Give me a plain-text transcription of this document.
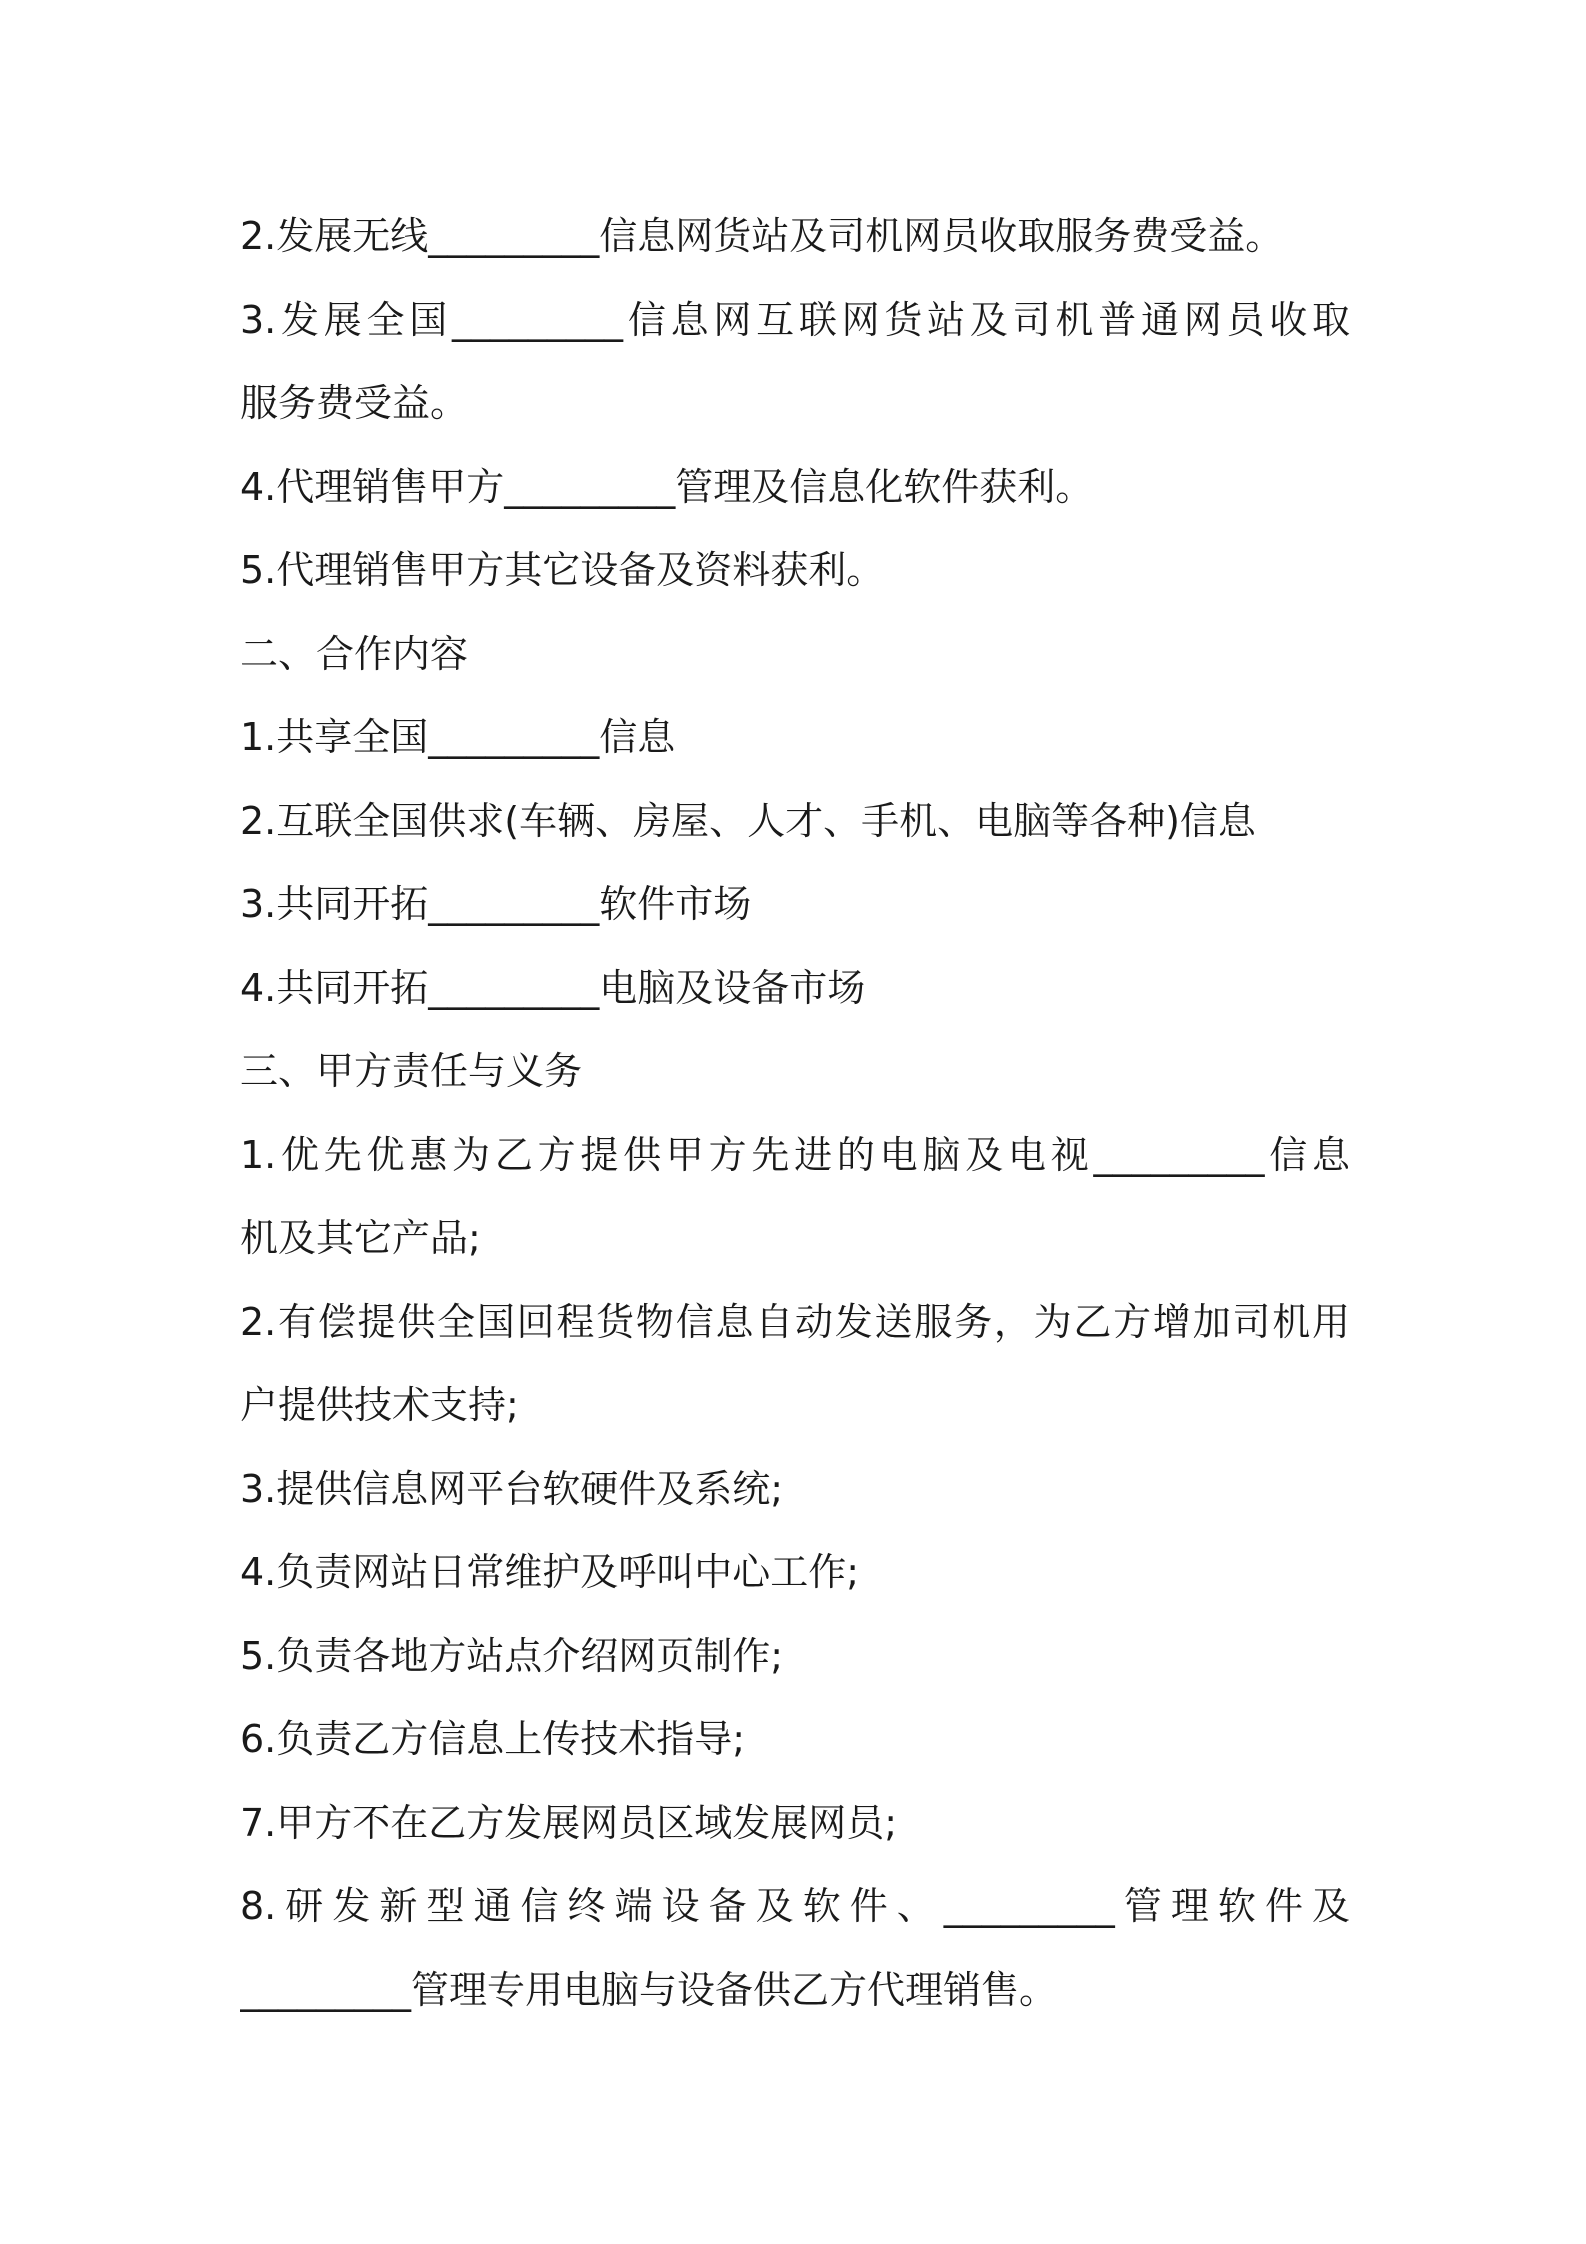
2.发展无线_________信息网货站及司机网员收取服务费受益。

3.发展全国_________信息网互联网货站及司机普通网员收取

服务费受益。

4.代理销售甲方_________管理及信息化软件获利。

5.代理销售甲方其它设备及资料获利。

二、合作内容

1.共享全国_________信息

2.互联全国供求(车辆、房屋、人才、手机、电脑等各种)信息

3.共同开拓_________软件市场

4.共同开拓_________电脑及设备市场

三、甲方责任与义务

1.优先优惠为乙方提供甲方先进的电脑及电视_________信息

机及其它产品;

2.有偿提供全国回程货物信息自动发送服务，为乙方增加司机用

户提供技术支持;

3.提供信息网平台软硬件及系统;

4.负责网站日常维护及呼叫中心工作;

5.负责各地方站点介绍网页制作;

6.负责乙方信息上传技术指导;

7.甲方不在乙方发展网员区域发展网员;

8.研发新型通信终端设备及软件、_________管理软件及

_________管理专用电脑与设备供乙方代理销售。
